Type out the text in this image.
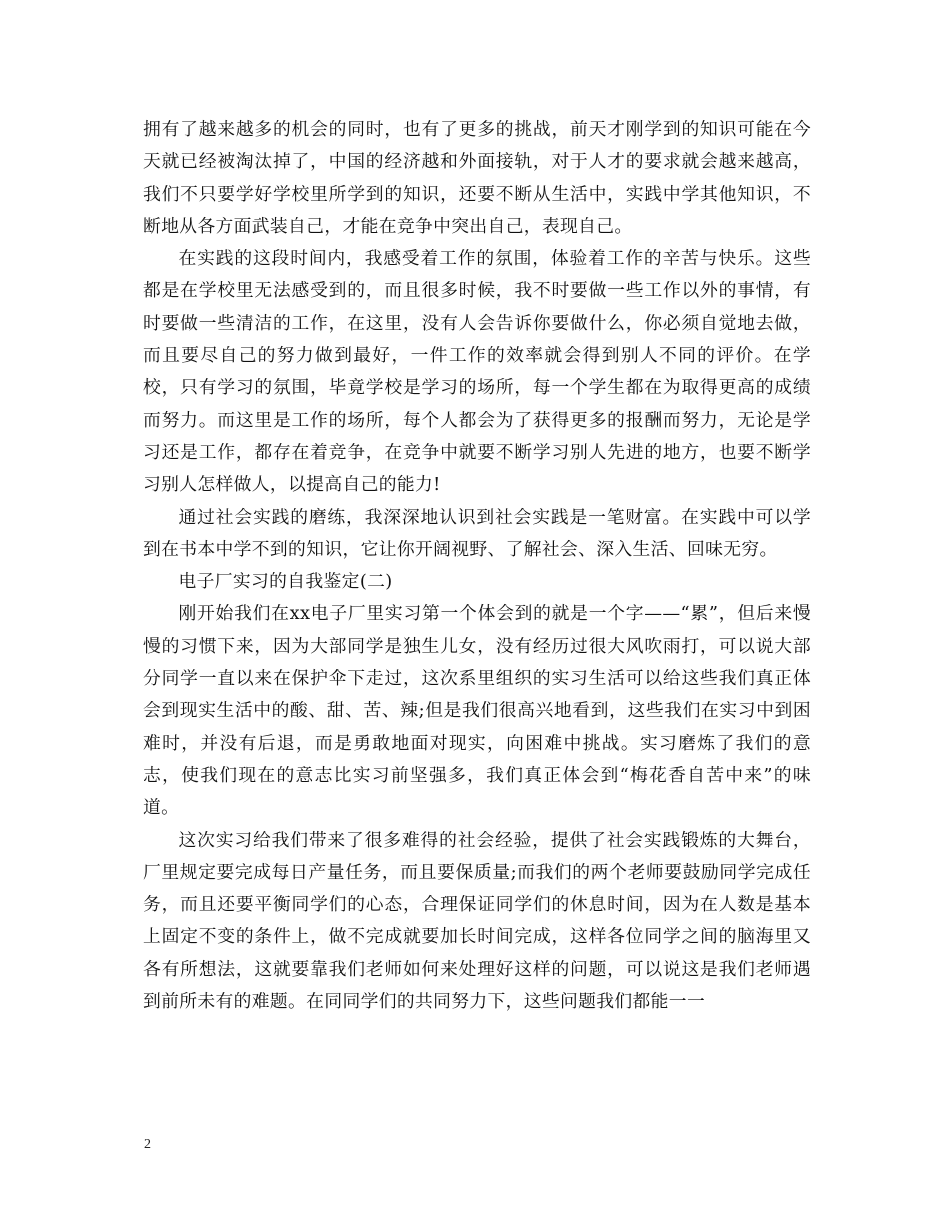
拥有了越来越多的机会的同时，也有了更多的挑战，前天才刚学到的知识可能在今天就已经被淘汰掉了，中国的经济越和外面接轨，对于人才的要求就会越来越高，我们不只要学好学校里所学到的知识，还要不断从生活中，实践中学其他知识，不断地从各方面武装自己，才能在竞争中突出自己，表现自己。

在实践的这段时间内，我感受着工作的氛围，体验着工作的辛苦与快乐。这些都是在学校里无法感受到的，而且很多时候，我不时要做一些工作以外的事情，有时要做一些清洁的工作，在这里，没有人会告诉你要做什么，你必须自觉地去做，而且要尽自己的努力做到最好，一件工作的效率就会得到别人不同的评价。在学校，只有学习的氛围，毕竟学校是学习的场所，每一个学生都在为取得更高的成绩而努力。而这里是工作的场所，每个人都会为了获得更多的报酬而努力，无论是学习还是工作，都存在着竞争，在竞争中就要不断学习别人先进的地方，也要不断学习别人怎样做人，以提高自己的能力!

通过社会实践的磨练，我深深地认识到社会实践是一笔财富。在实践中可以学到在书本中学不到的知识，它让你开阔视野、了解社会、深入生活、回味无穷。

电子厂实习的自我鉴定(二)

刚开始我们在xx电子厂里实习第一个体会到的就是一个字——“累”，但后来慢慢的习惯下来，因为大部同学是独生儿女，没有经历过很大风吹雨打，可以说大部分同学一直以来在保护伞下走过，这次系里组织的实习生活可以给这些我们真正体会到现实生活中的酸、甜、苦、辣;但是我们很高兴地看到，这些我们在实习中到困难时，并没有后退，而是勇敢地面对现实，向困难中挑战。实习磨炼了我们的意志，使我们现在的意志比实习前坚强多，我们真正体会到“梅花香自苦中来”的味道。

这次实习给我们带来了很多难得的社会经验，提供了社会实践锻炼的大舞台，厂里规定要完成每日产量任务，而且要保质量;而我们的两个老师要鼓励同学完成任务，而且还要平衡同学们的心态，合理保证同学们的休息时间，因为在人数是基本上固定不变的条件上，做不完成就要加长时间完成，这样各位同学之间的脑海里又各有所想法，这就要靠我们老师如何来处理好这样的问题，可以说这是我们老师遇到前所未有的难题。在同同学们的共同努力下，这些问题我们都能一一

2
